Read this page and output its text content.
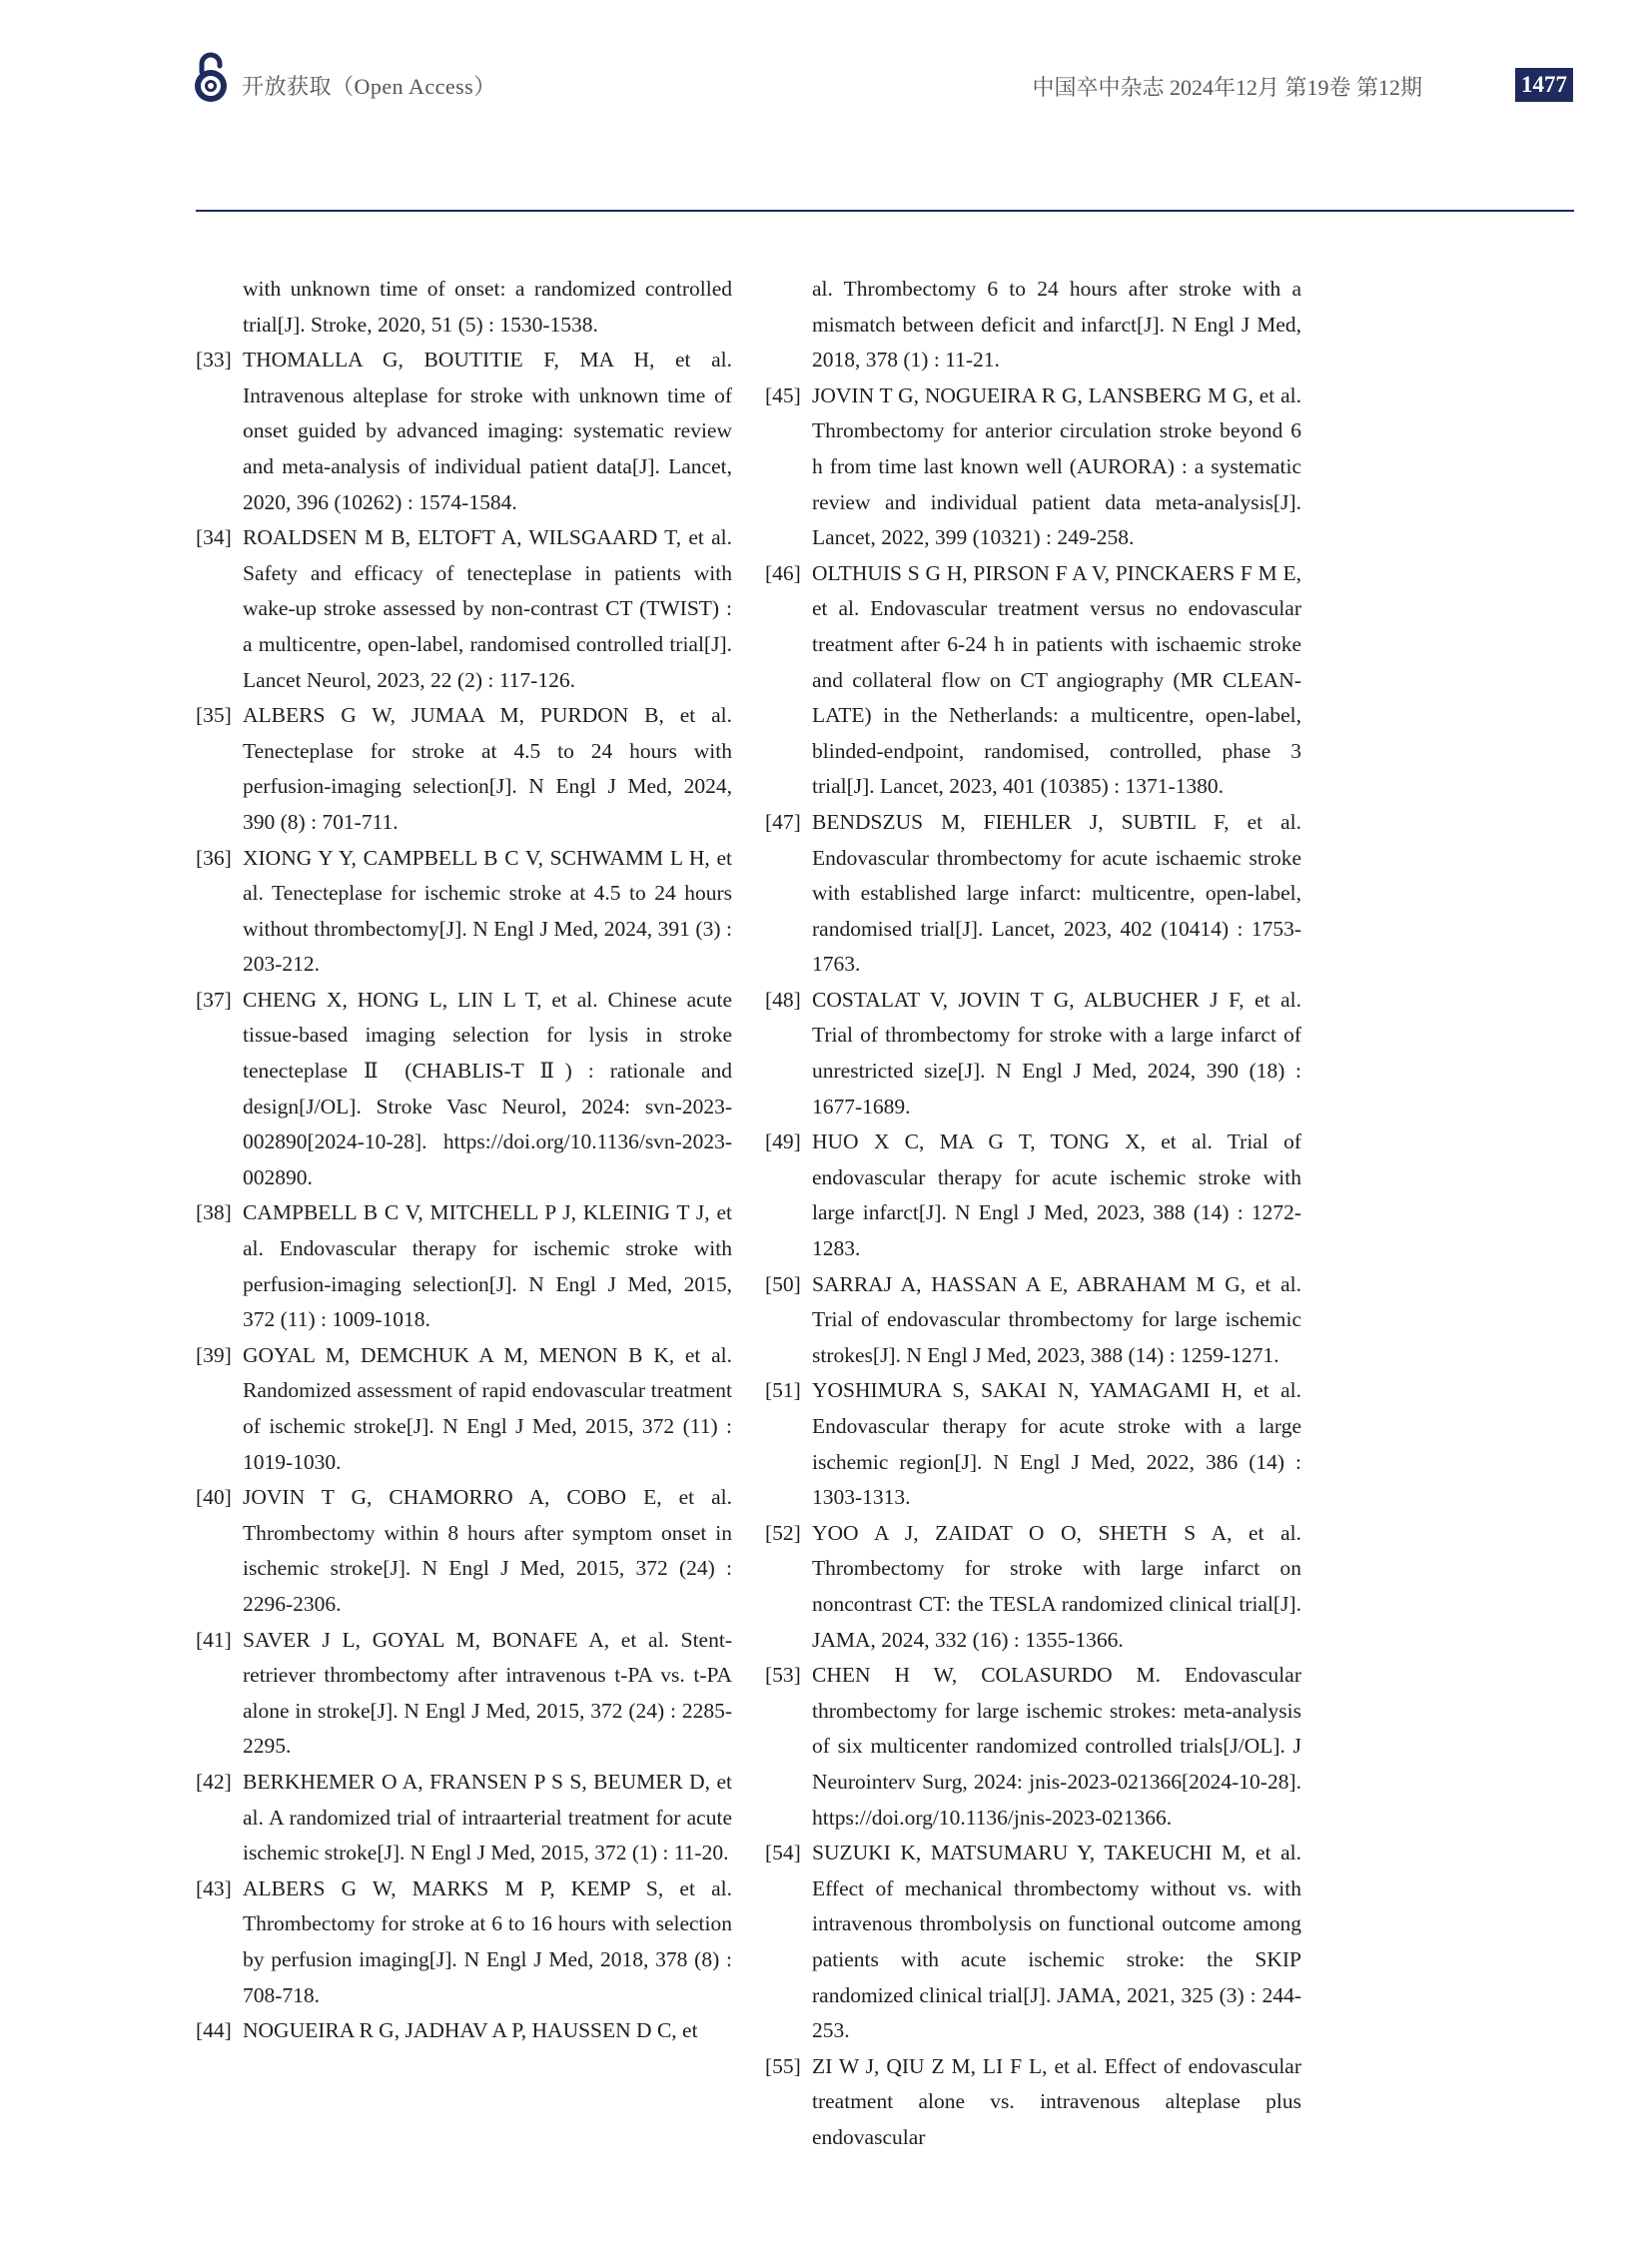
开放获取（Open Access）	中国卒中杂志 2024年12月 第19卷 第12期	1477
with unknown time of onset: a randomized controlled trial[J]. Stroke, 2020, 51 (5) : 1530-1538.
[33] THOMALLA G, BOUTITIE F, MA H, et al. Intravenous alteplase for stroke with unknown time of onset guided by advanced imaging: systematic review and meta-analysis of individual patient data[J]. Lancet, 2020, 396 (10262) : 1574-1584.
[34] ROALDSEN M B, ELTOFT A, WILSGAARD T, et al. Safety and efficacy of tenecteplase in patients with wake-up stroke assessed by non-contrast CT (TWIST) : a multicentre, open-label, randomised controlled trial[J]. Lancet Neurol, 2023, 22 (2) : 117-126.
[35] ALBERS G W, JUMAA M, PURDON B, et al. Tenecteplase for stroke at 4.5 to 24 hours with perfusion-imaging selection[J]. N Engl J Med, 2024, 390 (8) : 701-711.
[36] XIONG Y Y, CAMPBELL B C V, SCHWAMM L H, et al. Tenecteplase for ischemic stroke at 4.5 to 24 hours without thrombectomy[J]. N Engl J Med, 2024, 391 (3) : 203-212.
[37] CHENG X, HONG L, LIN L T, et al. Chinese acute tissue-based imaging selection for lysis in stroke tenecteplase Ⅱ (CHABLIS-T Ⅱ) : rationale and design[J/OL]. Stroke Vasc Neurol, 2024: svn-2023-002890[2024-10-28]. https://doi.org/10.1136/svn-2023-002890.
[38] CAMPBELL B C V, MITCHELL P J, KLEINIG T J, et al. Endovascular therapy for ischemic stroke with perfusion-imaging selection[J]. N Engl J Med, 2015, 372 (11) : 1009-1018.
[39] GOYAL M, DEMCHUK A M, MENON B K, et al. Randomized assessment of rapid endovascular treatment of ischemic stroke[J]. N Engl J Med, 2015, 372 (11) : 1019-1030.
[40] JOVIN T G, CHAMORRO A, COBO E, et al. Thrombectomy within 8 hours after symptom onset in ischemic stroke[J]. N Engl J Med, 2015, 372 (24) : 2296-2306.
[41] SAVER J L, GOYAL M, BONAFE A, et al. Stent-retriever thrombectomy after intravenous t-PA vs. t-PA alone in stroke[J]. N Engl J Med, 2015, 372 (24) : 2285-2295.
[42] BERKHEMER O A, FRANSEN P S S, BEUMER D, et al. A randomized trial of intraarterial treatment for acute ischemic stroke[J]. N Engl J Med, 2015, 372 (1) : 11-20.
[43] ALBERS G W, MARKS M P, KEMP S, et al. Thrombectomy for stroke at 6 to 16 hours with selection by perfusion imaging[J]. N Engl J Med, 2018, 378 (8) : 708-718.
[44] NOGUEIRA R G, JADHAV A P, HAUSSEN D C, et
al. Thrombectomy 6 to 24 hours after stroke with a mismatch between deficit and infarct[J]. N Engl J Med, 2018, 378 (1) : 11-21.
[45] JOVIN T G, NOGUEIRA R G, LANSBERG M G, et al. Thrombectomy for anterior circulation stroke beyond 6 h from time last known well (AURORA) : a systematic review and individual patient data meta-analysis[J]. Lancet, 2022, 399 (10321) : 249-258.
[46] OLTHUIS S G H, PIRSON F A V, PINCKAERS F M E, et al. Endovascular treatment versus no endovascular treatment after 6-24 h in patients with ischaemic stroke and collateral flow on CT angiography (MR CLEAN-LATE) in the Netherlands: a multicentre, open-label, blinded-endpoint, randomised, controlled, phase 3 trial[J]. Lancet, 2023, 401 (10385) : 1371-1380.
[47] BENDSZUS M, FIEHLER J, SUBTIL F, et al. Endovascular thrombectomy for acute ischaemic stroke with established large infarct: multicentre, open-label, randomised trial[J]. Lancet, 2023, 402 (10414) : 1753-1763.
[48] COSTALAT V, JOVIN T G, ALBUCHER J F, et al. Trial of thrombectomy for stroke with a large infarct of unrestricted size[J]. N Engl J Med, 2024, 390 (18) : 1677-1689.
[49] HUO X C, MA G T, TONG X, et al. Trial of endovascular therapy for acute ischemic stroke with large infarct[J]. N Engl J Med, 2023, 388 (14) : 1272-1283.
[50] SARRAJ A, HASSAN A E, ABRAHAM M G, et al. Trial of endovascular thrombectomy for large ischemic strokes[J]. N Engl J Med, 2023, 388 (14) : 1259-1271.
[51] YOSHIMURA S, SAKAI N, YAMAGAMI H, et al. Endovascular therapy for acute stroke with a large ischemic region[J]. N Engl J Med, 2022, 386 (14) : 1303-1313.
[52] YOO A J, ZAIDAT O O, SHETH S A, et al. Thrombectomy for stroke with large infarct on noncontrast CT: the TESLA randomized clinical trial[J]. JAMA, 2024, 332 (16) : 1355-1366.
[53] CHEN H W, COLASURDO M. Endovascular thrombectomy for large ischemic strokes: meta-analysis of six multicenter randomized controlled trials[J/OL]. J Neurointerv Surg, 2024: jnis-2023-021366[2024-10-28]. https://doi.org/10.1136/jnis-2023-021366.
[54] SUZUKI K, MATSUMARU Y, TAKEUCHI M, et al. Effect of mechanical thrombectomy without vs. with intravenous thrombolysis on functional outcome among patients with acute ischemic stroke: the SKIP randomized clinical trial[J]. JAMA, 2021, 325 (3) : 244-253.
[55] ZI W J, QIU Z M, LI F L, et al. Effect of endovascular treatment alone vs. intravenous alteplase plus endovascular
